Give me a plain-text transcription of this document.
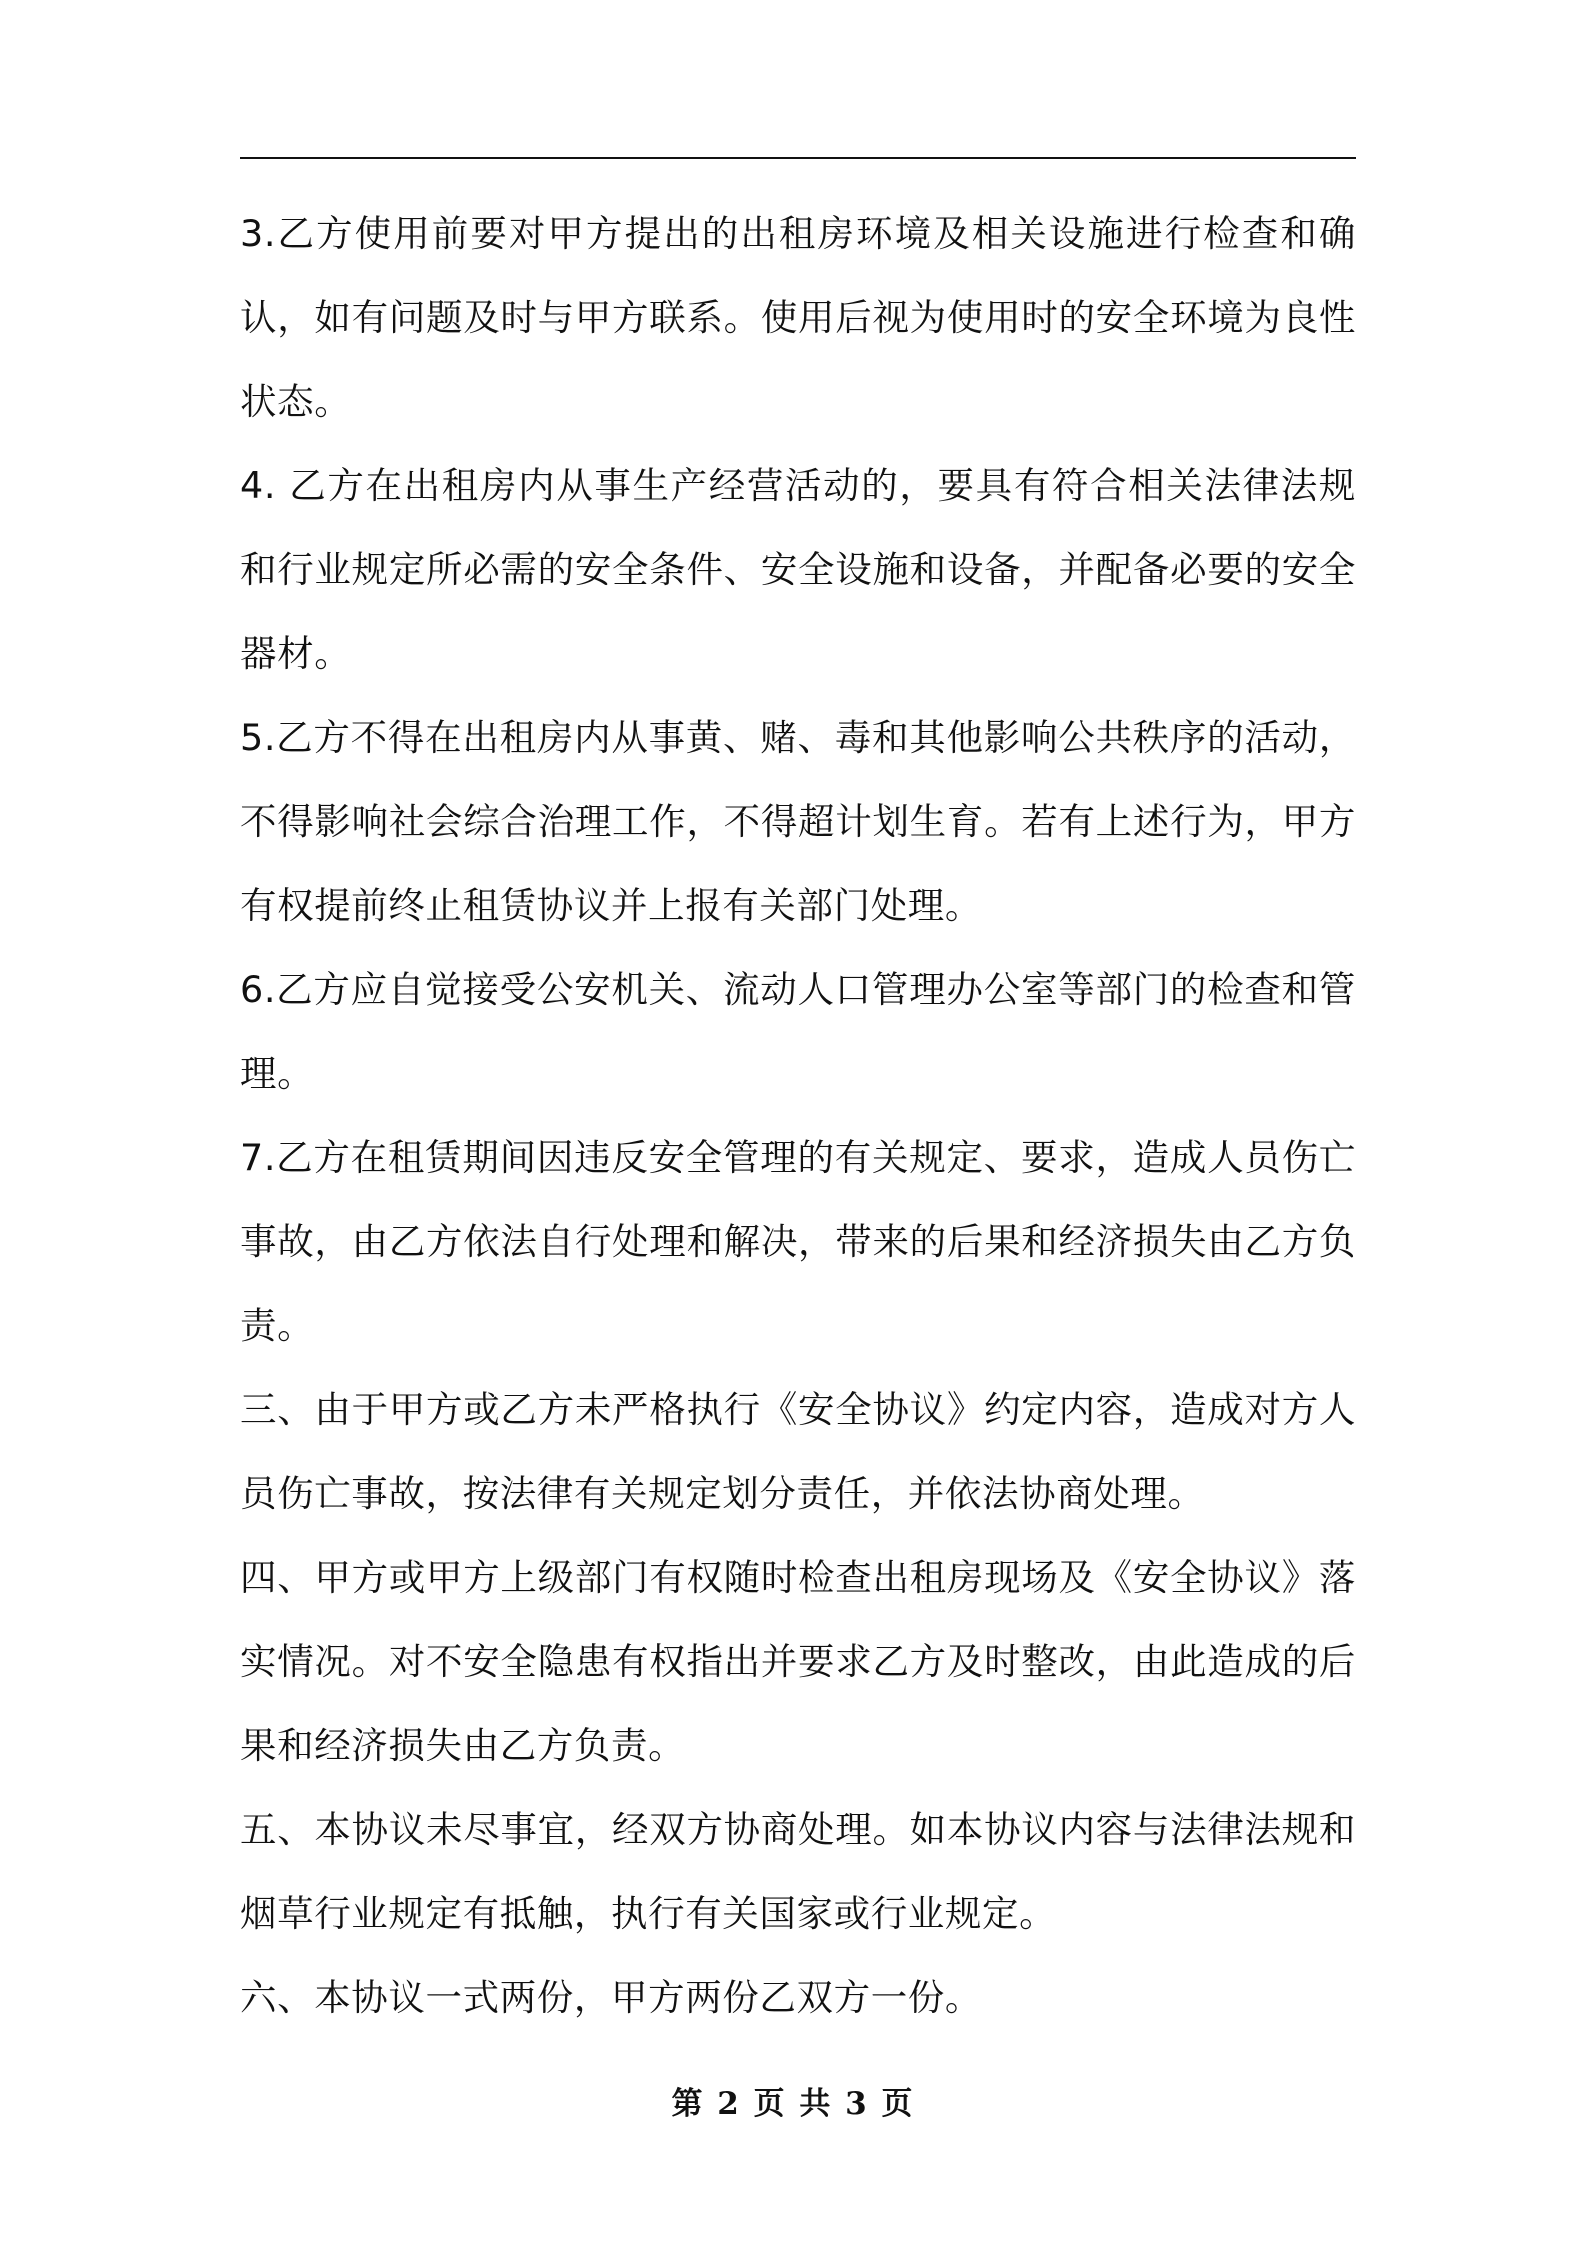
3.乙方使用前要对甲方提出的出租房环境及相关设施进行检查和确认，如有问题及时与甲方联系。使用后视为使用时的安全环境为良性状态。

4. 乙方在出租房内从事生产经营活动的，要具有符合相关法律法规和行业规定所必需的安全条件、安全设施和设备，并配备必要的安全器材。

5.乙方不得在出租房内从事黄、赌、毒和其他影响公共秩序的活动，不得影响社会综合治理工作，不得超计划生育。若有上述行为，甲方有权提前终止租赁协议并上报有关部门处理。

6.乙方应自觉接受公安机关、流动人口管理办公室等部门的检查和管理。

7.乙方在租赁期间因违反安全管理的有关规定、要求，造成人员伤亡事故，由乙方依法自行处理和解决，带来的后果和经济损失由乙方负责。

三、由于甲方或乙方未严格执行《安全协议》约定内容，造成对方人员伤亡事故，按法律有关规定划分责任，并依法协商处理。

四、甲方或甲方上级部门有权随时检查出租房现场及《安全协议》落实情况。对不安全隐患有权指出并要求乙方及时整改，由此造成的后果和经济损失由乙方负责。

五、本协议未尽事宜，经双方协商处理。如本协议内容与法律法规和烟草行业规定有抵触，执行有关国家或行业规定。

六、本协议一式两份，甲方两份乙双方一份。

第 2 页 共 3 页
